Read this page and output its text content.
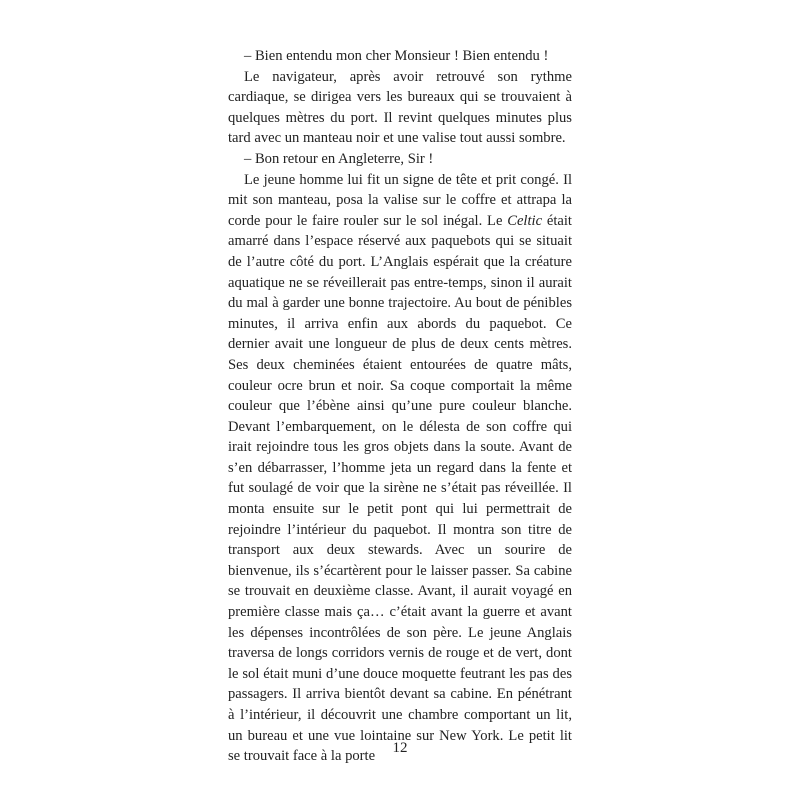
– Bien entendu mon cher Monsieur ! Bien entendu !

Le navigateur, après avoir retrouvé son rythme cardiaque, se dirigea vers les bureaux qui se trouvaient à quelques mètres du port. Il revint quelques minutes plus tard avec un manteau noir et une valise tout aussi sombre.

– Bon retour en Angleterre, Sir !

Le jeune homme lui fit un signe de tête et prit congé. Il mit son manteau, posa la valise sur le coffre et attrapa la corde pour le faire rouler sur le sol inégal. Le Celtic était amarré dans l’espace réservé aux paquebots qui se situait de l’autre côté du port. L’Anglais espérait que la créature aquatique ne se réveillerait pas entre-temps, sinon il aurait du mal à garder une bonne trajectoire. Au bout de pénibles minutes, il arriva enfin aux abords du paquebot. Ce dernier avait une longueur de plus de deux cents mètres. Ses deux cheminées étaient entourées de quatre mâts, couleur ocre brun et noir. Sa coque comportait la même couleur que l’ébène ainsi qu’une pure couleur blanche. Devant l’embarquement, on le délesta de son coffre qui irait rejoindre tous les gros objets dans la soute. Avant de s’en débarrasser, l’homme jeta un regard dans la fente et fut soulagé de voir que la sirène ne s’était pas réveillée. Il monta ensuite sur le petit pont qui lui permettrait de rejoindre l’intérieur du paquebot. Il montra son titre de transport aux deux stewards. Avec un sourire de bienvenue, ils s’écartèrent pour le laisser passer. Sa cabine se trouvait en deuxième classe. Avant, il aurait voyagé en première classe mais ça… c’était avant la guerre et avant les dépenses incontrôlées de son père. Le jeune Anglais traversa de longs corridors vernis de rouge et de vert, dont le sol était muni d’une douce moquette feutrant les pas des passagers. Il arriva bientôt devant sa cabine. En pénétrant à l’intérieur, il découvrit une chambre comportant un lit, un bureau et une vue lointaine sur New York. Le petit lit se trouvait face à la porte

12
